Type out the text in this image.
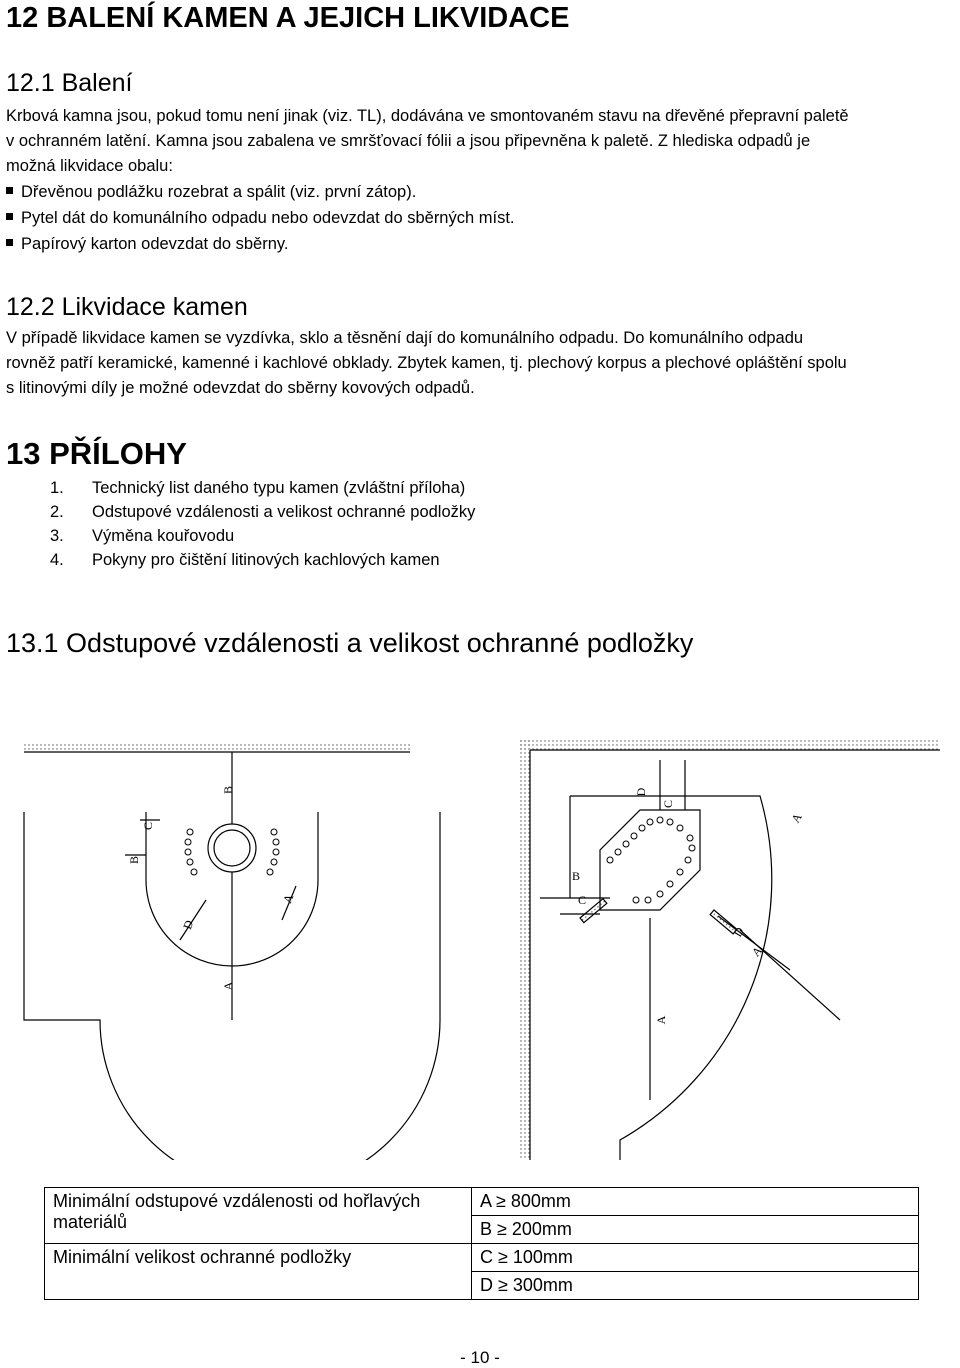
12 BALENÍ KAMEN A JEJICH LIKVIDACE
12.1 Balení

Krbová kamna jsou, pokud tomu není jinak (viz. TL), dodávána ve smontovaném stavu na dřevěné přepravní paletě

v ochranném latění. Kamna jsou zabalena ve smršťovací fólii a jsou připevněna k paletě. Z hlediska odpadů je

možná likvidace obalu:

Dřevěnou podlážku rozebrat a spálit (viz. první zátop).
Pytel dát do komunálního odpadu nebo odevzdat do sběrných míst.
Papírový karton odevzdat do sběrny.
12.2 Likvidace kamen

V případě likvidace kamen se vyzdívka, sklo a těsnění dají do komunálního odpadu. Do komunálního odpadu

rovněž patří keramické, kamenné i kachlové obklady. Zbytek kamen, tj. plechový korpus a plechové opláštění spolu

s litinovými díly je možné odevzdat do sběrny kovových odpadů.

13 PŘÍLOHY
1. Technický list daného typu kamen (zvláštní příloha)
2. Odstupové vzdálenosti a velikost ochranné podložky
3. Výměna kouřovodu
4. Pokyny pro čištění litinových kachlových kamen
13.1 Odstupové vzdálenosti a velikost ochranné podložky
B
C
B
D
A
A
B
C
D
C
D
A
A
A
Minimální odstupové vzdálenosti od hořlavých materiálů	A ≥ 800mm
	B ≥ 200mm
Minimální velikost ochranné podložky	C ≥ 100mm
	D ≥ 300mm
- 10 -
